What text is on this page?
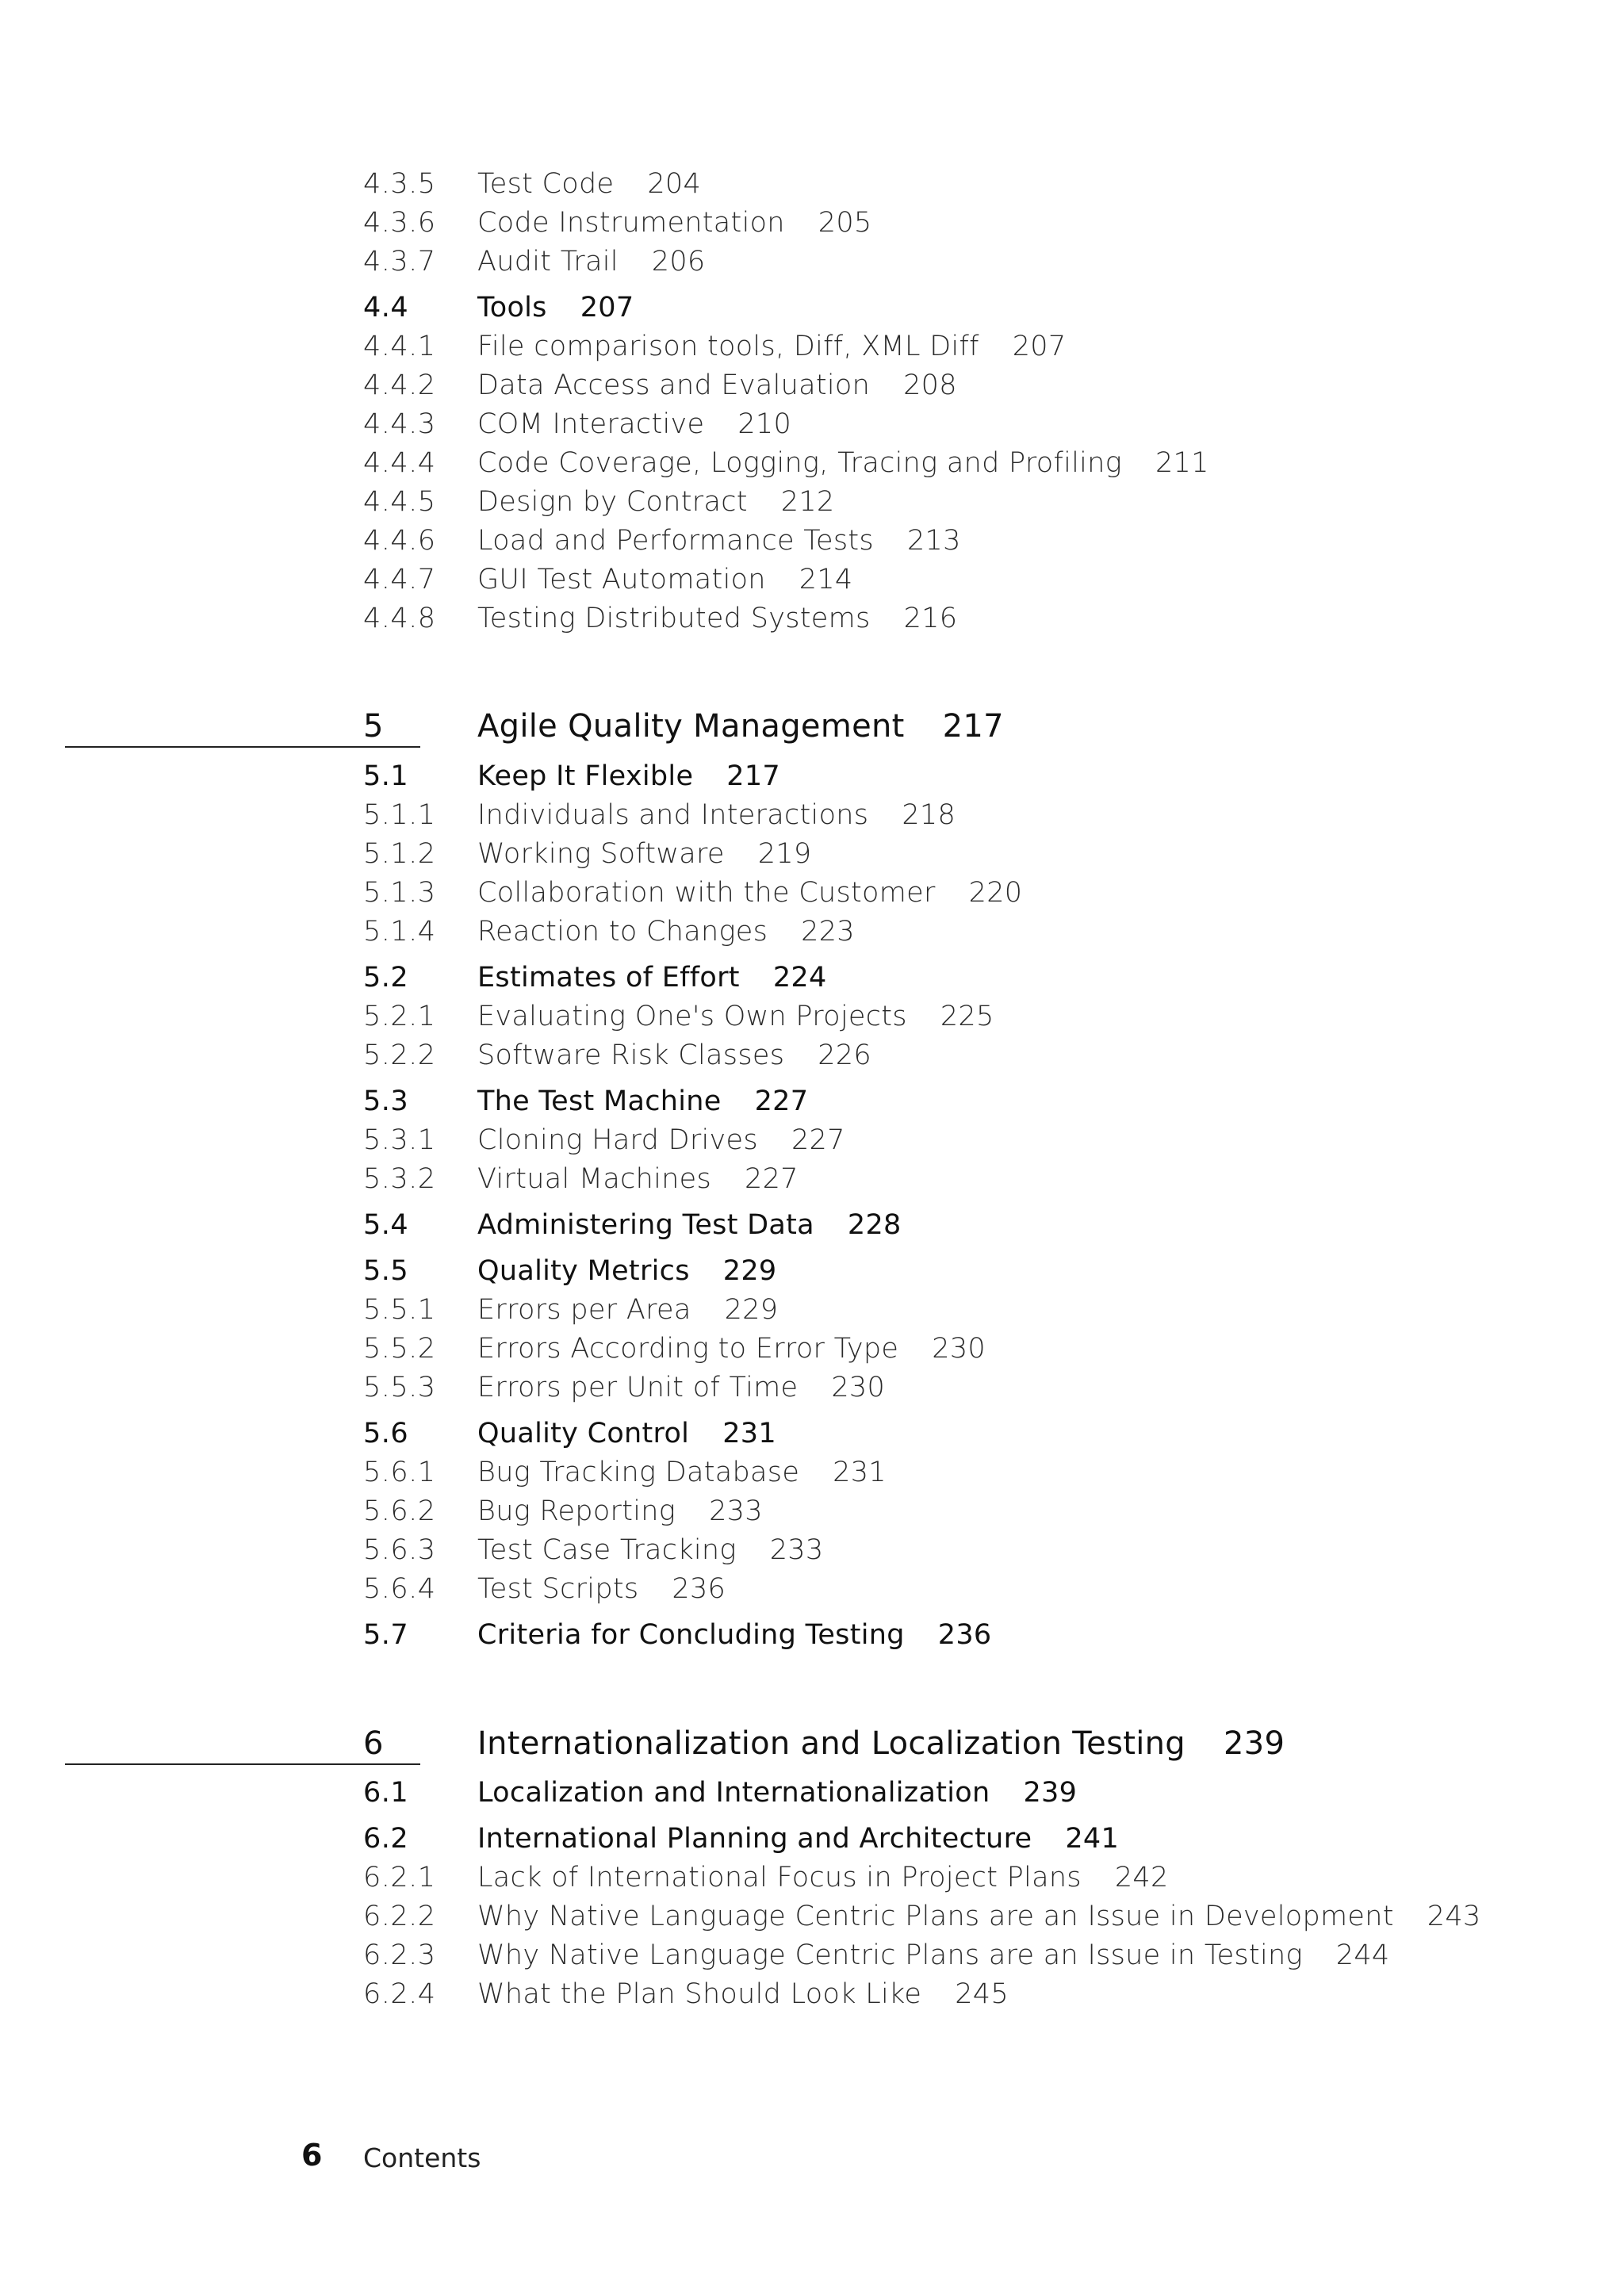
4.3.5 Test Code 204
4.3.6 Code Instrumentation 205
4.3.7 Audit Trail 206
4.4 Tools 207
4.4.1 File comparison tools, Diff, XML Diff 207
4.4.2 Data Access and Evaluation 208
4.4.3 COM Interactive 210
4.4.4 Code Coverage, Logging, Tracing and Profiling 211
4.4.5 Design by Contract 212
4.4.6 Load and Performance Tests 213
4.4.7 GUI Test Automation 214
4.4.8 Testing Distributed Systems 216
5	Agile Quality Management 217
5.1 Keep It Flexible 217
5.1.1 Individuals and Interactions 218
5.1.2 Working Software 219
5.1.3 Collaboration with the Customer 220
5.1.4 Reaction to Changes 223
5.2 Estimates of Effort 224
5.2.1 Evaluating One's Own Projects 225
5.2.2 Software Risk Classes 226
5.3 The Test Machine 227
5.3.1 Cloning Hard Drives 227
5.3.2 Virtual Machines 227
5.4 Administering Test Data 228
5.5 Quality Metrics 229
5.5.1 Errors per Area 229
5.5.2 Errors According to Error Type 230
5.5.3 Errors per Unit of Time 230
5.6 Quality Control 231
5.6.1 Bug Tracking Database 231
5.6.2 Bug Reporting 233
5.6.3 Test Case Tracking 233
5.6.4 Test Scripts 236
5.7 Criteria for Concluding Testing 236
6	Internationalization and Localization Testing 239
6.1 Localization and Internationalization 239
6.2 International Planning and Architecture 241
6.2.1 Lack of International Focus in Project Plans 242
6.2.2 Why Native Language Centric Plans are an Issue in Development 243
6.2.3 Why Native Language Centric Plans are an Issue in Testing 244
6.2.4 What the Plan Should Look Like 245
6 Contents
